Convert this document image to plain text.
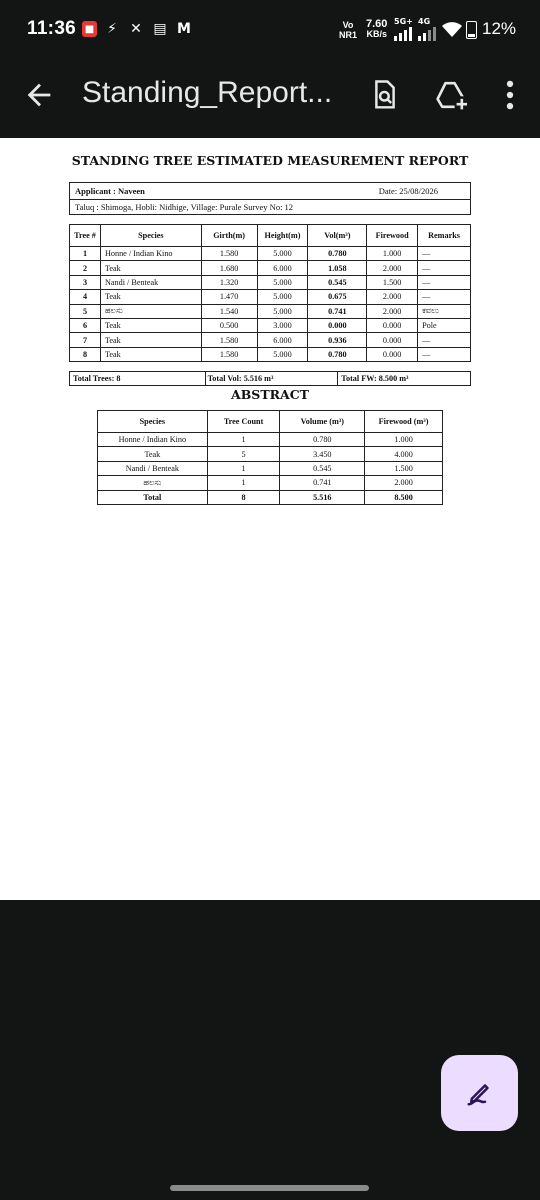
11:36 ■ ⚡ ✕ ▤ M	Vo
NR1
7.60
KB/s
5G+ 4G	12%
Standing_Report...
STANDING TREE ESTIMATED MEASUREMENT REPORT
Applicant : Naveen	Date: 25/08/2026
Taluq : Shimoga, Hobli: Nidhige, Village: Purale Survey No: 12
Tree #	Species	Girth(m)	Height(m)	Vol(m³)	Firewood	Remarks
1	Honne / Indian Kino	1.580	5.000	0.780	1.000	—
2	Teak	1.680	6.000	1.058	2.000	—
3	Nandi / Benteak	1.320	5.000	0.545	1.500	—
4	Teak	1.470	5.000	0.675	2.000	—
5	ಹಲಸು	1.540	5.000	0.741	2.000	ಕವಲು
6	Teak	0.500	3.000	0.000	0.000	Pole
7	Teak	1.580	6.000	0.936	0.000	—
8	Teak	1.580	5.000	0.780	0.000	—
Total Trees: 8	Total Vol: 5.516 m³	Total FW: 8.500 m³
ABSTRACT
Species	Tree Count	Volume (m³)	Firewood (m³)
Honne / Indian Kino	1	0.780	1.000
Teak	5	3.450	4.000
Nandi / Benteak	1	0.545	1.500
ಹಲಸು	1	0.741	2.000
Total	8	5.516	8.500
